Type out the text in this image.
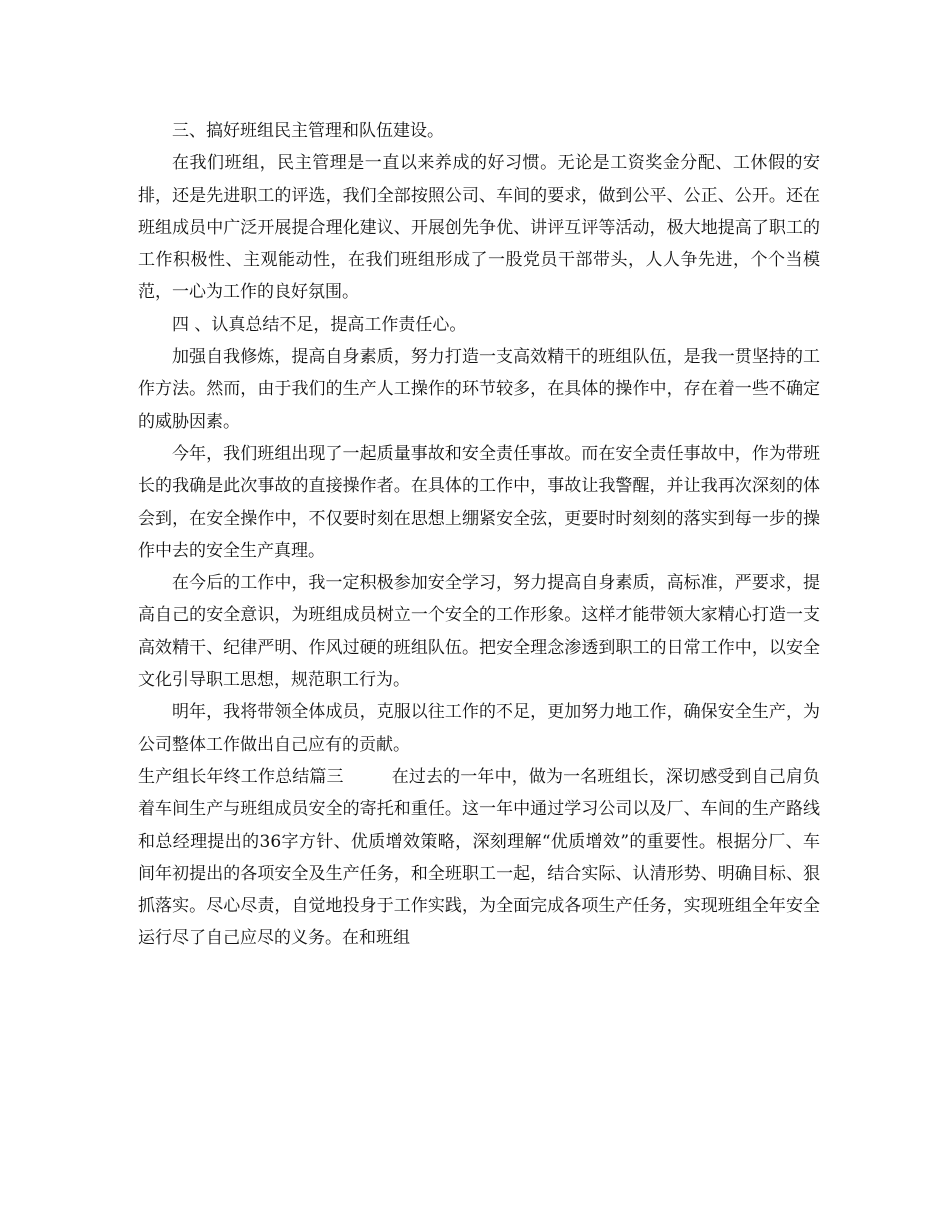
三、搞好班组民主管理和队伍建设。

在我们班组，民主管理是一直以来养成的好习惯。无论是工资奖金分配、工休假的安排，还是先进职工的评选，我们全部按照公司、车间的要求，做到公平、公正、公开。还在班组成员中广泛开展提合理化建议、开展创先争优、讲评互评等活动，极大地提高了职工的工作积极性、主观能动性，在我们班组形成了一股党员干部带头，人人争先进，个个当模范，一心为工作的良好氛围。

四 、认真总结不足，提高工作责任心。

加强自我修炼，提高自身素质，努力打造一支高效精干的班组队伍，是我一贯坚持的工作方法。然而，由于我们的生产人工操作的环节较多，在具体的操作中，存在着一些不确定的威胁因素。

今年，我们班组出现了一起质量事故和安全责任事故。而在安全责任事故中，作为带班长的我确是此次事故的直接操作者。在具体的工作中，事故让我警醒，并让我再次深刻的体会到，在安全操作中，不仅要时刻在思想上绷紧安全弦，更要时时刻刻的落实到每一步的操作中去的安全生产真理。

在今后的工作中，我一定积极参加安全学习，努力提高自身素质，高标准，严要求，提高自己的安全意识，为班组成员树立一个安全的工作形象。这样才能带领大家精心打造一支高效精干、纪律严明、作风过硬的班组队伍。把安全理念渗透到职工的日常工作中，以安全文化引导职工思想，规范职工行为。

明年，我将带领全体成员，克服以往工作的不足，更加努力地工作，确保安全生产，为公司整体工作做出自己应有的贡献。

生产组长年终工作总结篇三	在过去的一年中，做为一名班组长，深切感受到自己肩负着车间生产与班组成员安全的寄托和重任。这一年中通过学习公司以及厂、车间的生产路线和总经理提出的36字方针、优质增效策略，深刻理解“优质增效”的重要性。根据分厂、车间年初提出的各项安全及生产任务，和全班职工一起，结合实际、认清形势、明确目标、狠抓落实。尽心尽责，自觉地投身于工作实践，为全面完成各项生产任务，实现班组全年安全运行尽了自己应尽的义务。在和班组
